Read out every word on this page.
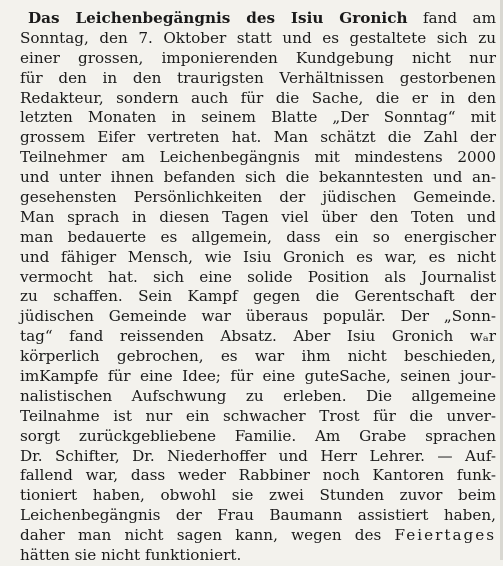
Das Leichenbegängnis des Isiu Gronich fand am
Sonntag, den 7. Oktober statt und es gestaltete sich zu
einer grossen, imponierenden Kundgebung nicht nur
für den in den traurigsten Verhältnissen gestorbenen
Redakteur, sondern auch für die Sache, die er in den
letzten Monaten in seinem Blatte „Der Sonntag“ mit
grossem Eifer vertreten hat. Man schätzt die Zahl der
Teilnehmer am Leichenbegängnis mit mindestens 2000
und unter ihnen befanden sich die bekanntesten und an-
gesehensten Persönlichkeiten der jüdischen Gemeinde.
Man sprach in diesen Tagen viel über den Toten und
man bedauerte es allgemein, dass ein so energischer
und fähiger Mensch, wie Isiu Gronich es war, es nicht
vermocht hat. sich eine solide Position als Journalist
zu schaffen. Sein Kampf gegen die Gerentschaft der
jüdischen Gemeinde war überaus populär. Der „Sonn-
tag“ fand reissenden Absatz. Aber Isiu Gronich wₐr
körperlich gebrochen, es war ihm nicht beschieden,
imKampfe für eine Idee; für eine guteSache, seinen jour-
nalistischen Aufschwung zu erleben. Die allgemeine
Teilnahme ist nur ein schwacher Trost für die unver-
sorgt zurückgebliebene Familie. Am Grabe sprachen
Dr. Schifter, Dr. Niederhoffer und Herr Lehrer. — Auf-
fallend war, dass weder Rabbiner noch Kantoren funk-
tioniert haben, obwohl sie zwei Stunden zuvor beim
Leichenbegängnis der Frau Baumann assistiert haben,
daher man nicht sagen kann, wegen des Feiertages
hätten sie nicht funktioniert.
